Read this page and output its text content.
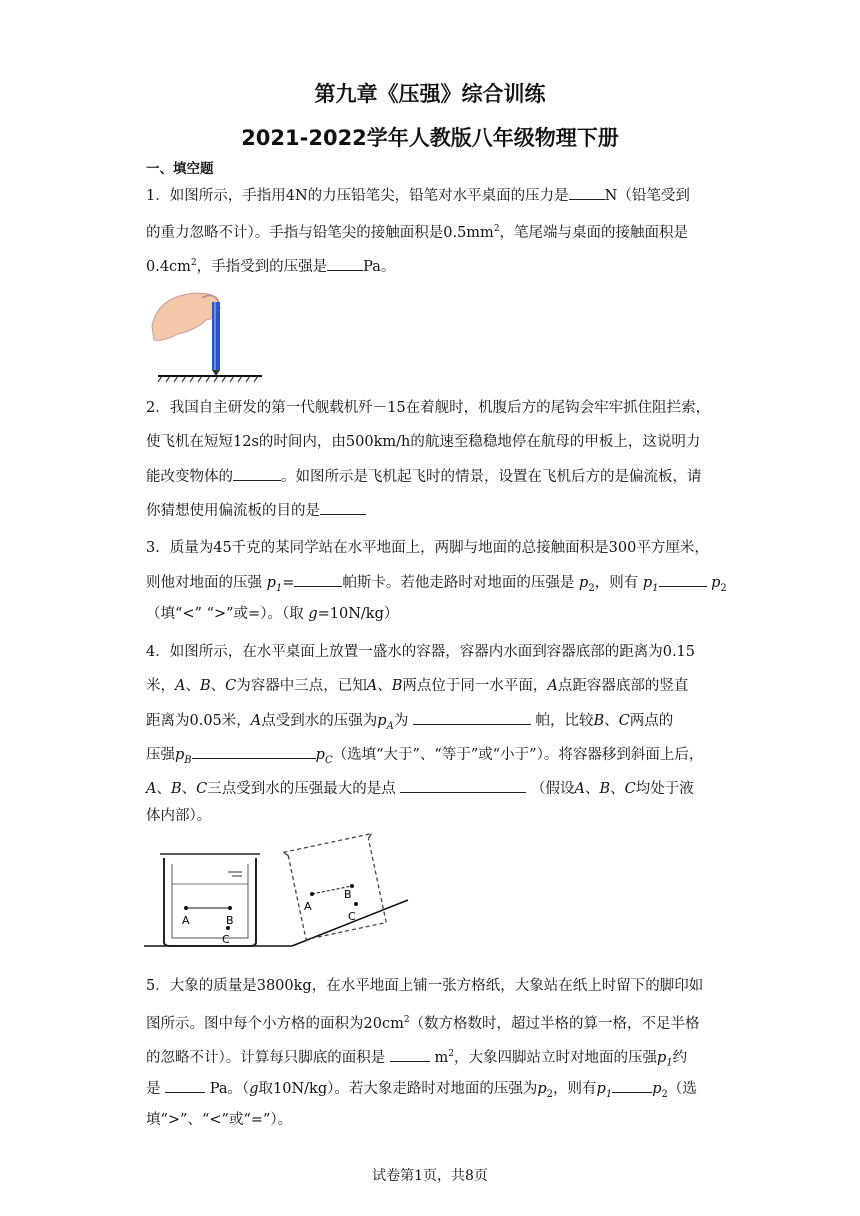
第九章《压强》综合训练
2021-2022学年人教版八年级物理下册
一、填空题
1．如图所示，手指用4N的力压铅笔尖，铅笔对水平桌面的压力是 N（铅笔受到
的重力忽略不计）。手指与铅笔尖的接触面积是$0.5mm^2$，笔尾端与桌面的接触面积是
$0.4cm^2$，手指受到的压强是 Pa。
2．我国自主研发的第一代舰载机歼－15在着舰时，机腹后方的尾钩会牢牢抓住阻拦索，
使飞机在短短12s的时间内，由500km/h的航速至稳稳地停在航母的甲板上，这说明力
能改变物体的	。如图所示是飞机起飞时的情景，设置在飞机后方的是偏流板，请
你猜想使用偏流板的目的是
3．质量为45千克的某同学站在水平地面上，两脚与地面的总接触面积是300平方厘米，
则他对地面的压强 $p_1=$	帕斯卡。若他走路时对地面的压强是 $p_2$，则有 $p_1$	$p_2$
（填“<” “>”或=）。（取 g=10N/kg）
4．如图所示，在水平桌面上放置一盛水的容器，容器内水面到容器底部的距离为0.15
米，A、B、C为容器中三点，已知A、B两点位于同一水平面，A点距容器底部的竖直
距离为0.05米，A点受到水的压强为$p_A$为	帕，比较B、C两点的
压强$p_B$	$p_C$（选填“大于”、“等于”或“小于”）。将容器移到斜面上后，
A、B、C三点受到水的压强最大的是点	（假设A、B、C均处于液
体内部）。
A	B
C
A
B
C
5．大象的质量是3800kg，在水平地面上铺一张方格纸，大象站在纸上时留下的脚印如
图所示。图中每个小方格的面积为$20cm^2$（数方格数时，超过半格的算一格，不足半格
的忽略不计）。计算每只脚底的面积是	$m^2$，大象四脚站立时对地面的压强$p_1$约
是	Pa。（g取10N/kg）。若大象走路时对地面的压强为$p_2$，则有$p_1$	$p_2$（选
填“>”、“<”或“=”）。
试卷第1页，共8页
